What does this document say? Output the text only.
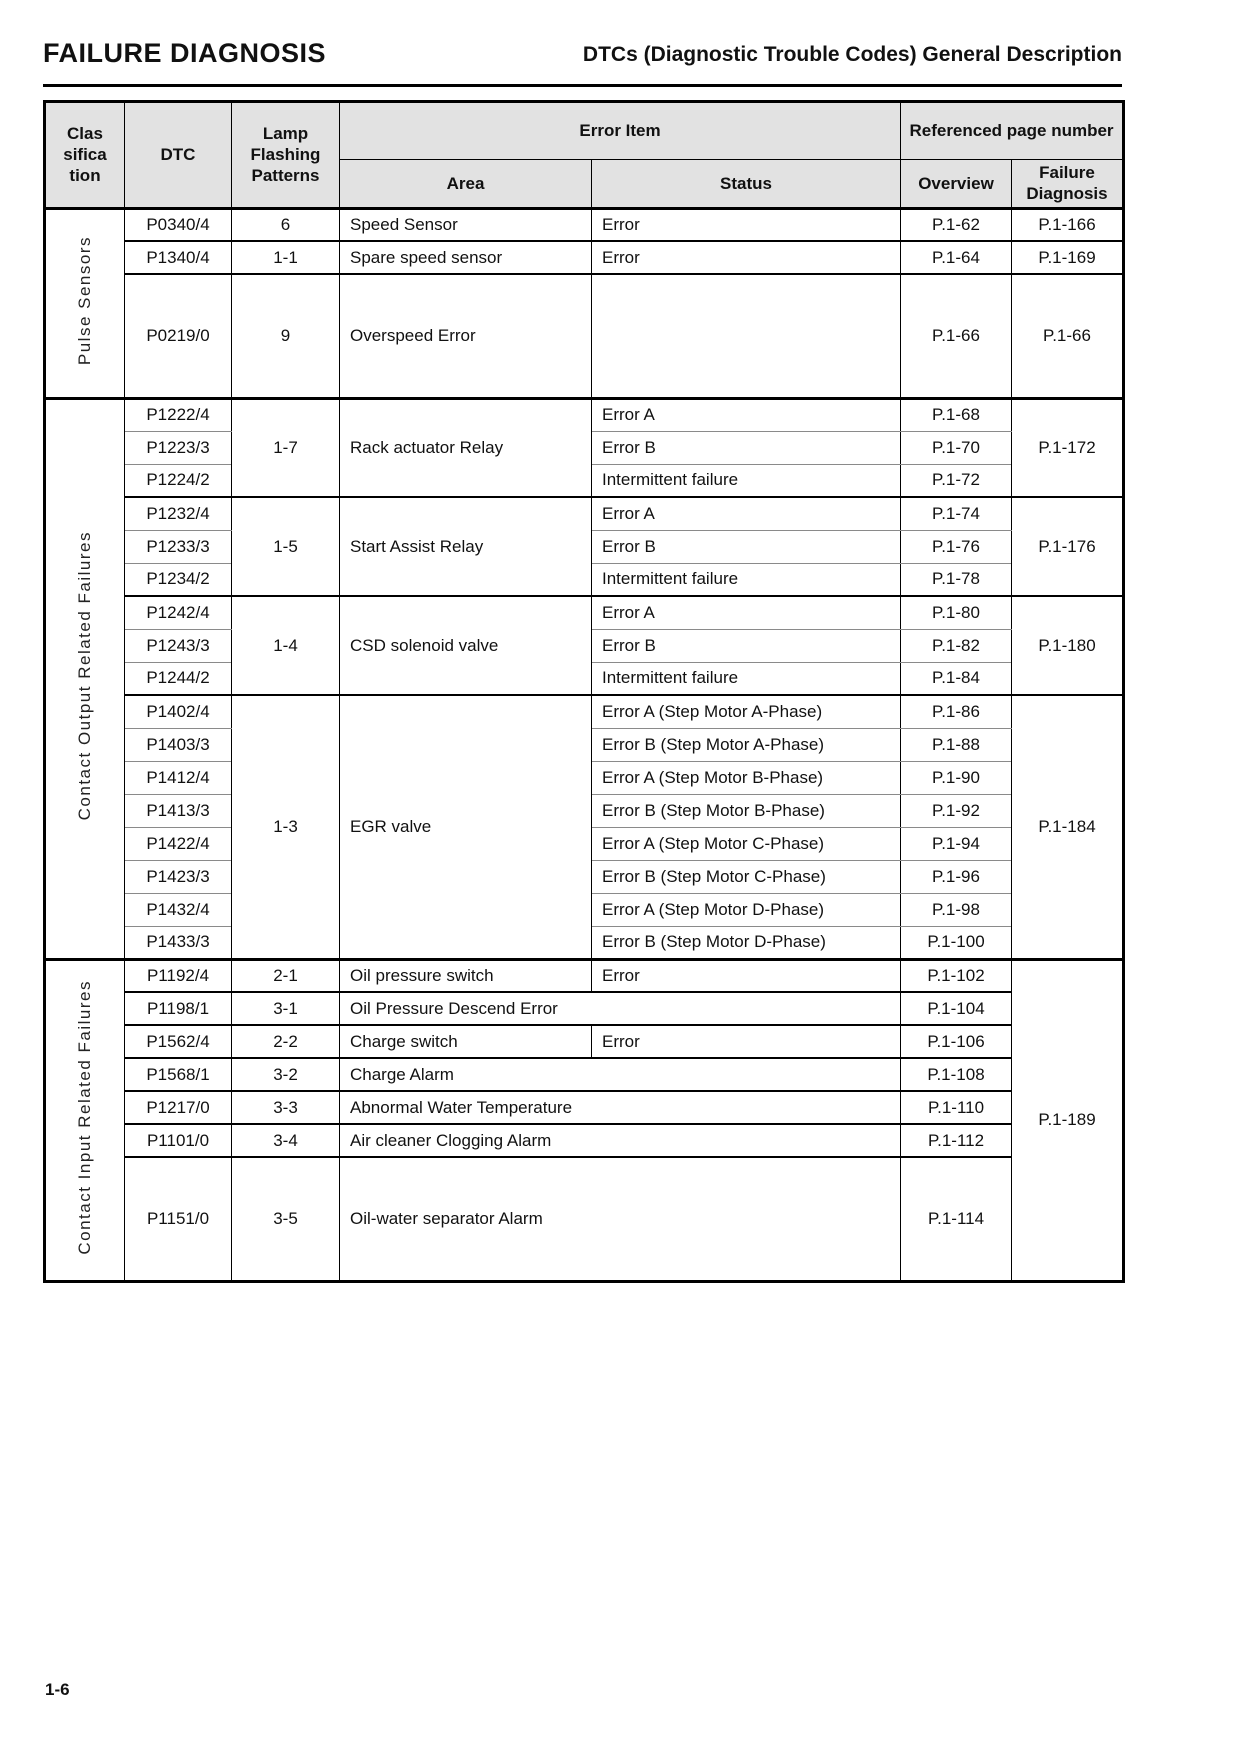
FAILURE DIAGNOSIS	DTCs (Diagnostic Trouble Codes) General Description
Clas sifica tion	DTC	Lamp Flashing Patterns	Error Item		Referenced page number	
			Area	Status	Overview	Failure Diagnosis
Pulse Sensors	P0340/4	6	Speed Sensor	Error	P.1-62	P.1-166
	P1340/4	1-1	Spare speed sensor	Error	P.1-64	P.1-169
	P0219/0	9	Overspeed Error		P.1-66	P.1-66
Contact Output Related Failures	P1222/4	1-7	Rack actuator Relay	Error A	P.1-68	P.1-172
	P1223/3			Error B	P.1-70	
	P1224/2			Intermittent failure	P.1-72	
	P1232/4	1-5	Start Assist Relay	Error A	P.1-74	P.1-176
	P1233/3			Error B	P.1-76	
	P1234/2			Intermittent failure	P.1-78	
	P1242/4	1-4	CSD solenoid valve	Error A	P.1-80	P.1-180
	P1243/3			Error B	P.1-82	
	P1244/2			Intermittent failure	P.1-84	
	P1402/4	1-3	EGR valve	Error A (Step Motor A-Phase)	P.1-86	P.1-184
	P1403/3			Error B (Step Motor A-Phase)	P.1-88	
	P1412/4			Error A (Step Motor B-Phase)	P.1-90	
	P1413/3			Error B (Step Motor B-Phase)	P.1-92	
	P1422/4			Error A (Step Motor C-Phase)	P.1-94	
	P1423/3			Error B (Step Motor C-Phase)	P.1-96	
	P1432/4			Error A (Step Motor D-Phase)	P.1-98	
	P1433/3			Error B (Step Motor D-Phase)	P.1-100	
Contact Input Related Failures	P1192/4	2-1	Oil pressure switch	Error	P.1-102	P.1-189
	P1198/1	3-1	Oil Pressure Descend Error		P.1-104	
	P1562/4	2-2	Charge switch	Error	P.1-106	
	P1568/1	3-2	Charge Alarm		P.1-108	
	P1217/0	3-3	Abnormal Water Temperature		P.1-110	
	P1101/0	3-4	Air cleaner Clogging Alarm		P.1-112	
	P1151/0	3-5	Oil-water separator Alarm		P.1-114	
1-6
